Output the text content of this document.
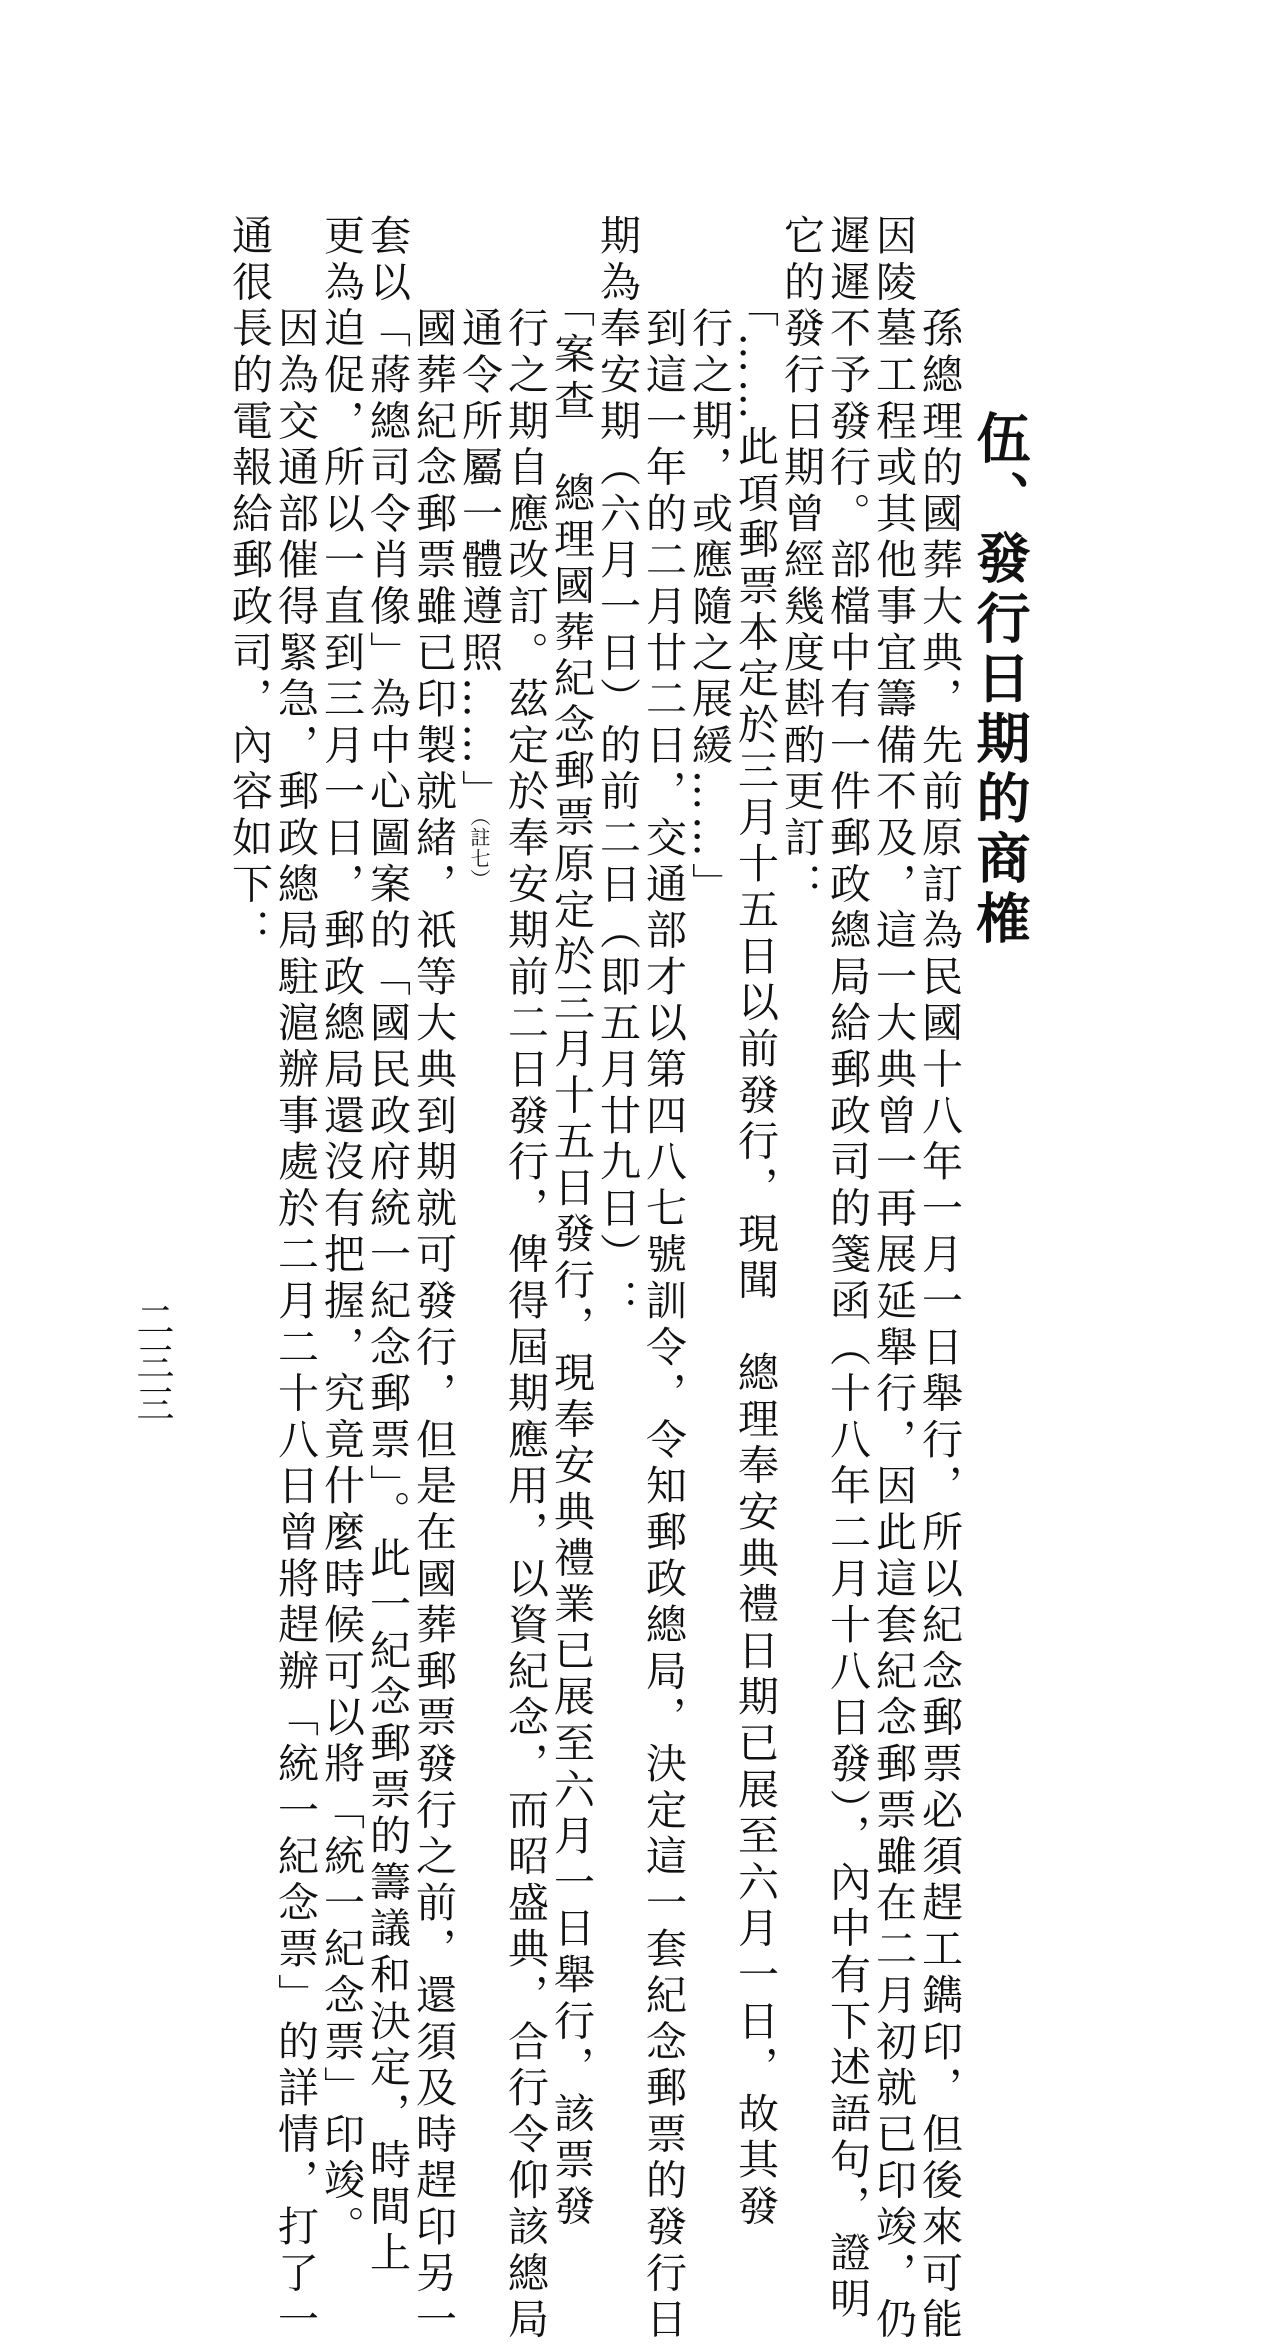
伍、發行日期的商榷
　　孫總理的國葬大典，先前原訂為民國十八年一月一日舉行，所以紀念郵票必須趕工鐫印，但後來可能
因陵墓工程或其他事宜籌備不及，這一大典曾一再展延舉行，因此這套紀念郵票雖在二月初就已印竣，仍
遲遲不予發行。部檔中有一件郵政總局給郵政司的箋函（十八年二月十八日發），內中有下述語句，證明
它的發行日期曾經幾度斟酌更訂：
　　「……此項郵票本定於三月十五日以前發行，現聞　總理奉安典禮日期已展至六月一日，故其發
　　行之期，或應隨之展緩……」
　　到這一年的二月廿二日，交通部才以第四八七號訓令，令知郵政總局，決定這一套紀念郵票的發行日
期為奉安期（六月一日）的前二日（即五月廿九日）：
　　「案查　總理國葬紀念郵票原定於三月十五日發行，現奉安典禮業已展至六月一日舉行，該票發
　　行之期自應改訂。茲定於奉安期前二日發行，俾得屆期應用，以資紀念，而昭盛典，合行令仰該總局
　　通令所屬一體遵照……」（註七）
　　國葬紀念郵票雖已印製就緒，祇等大典到期就可發行，但是在國葬郵票發行之前，還須及時趕印另一
套以「蔣總司令肖像」為中心圖案的「國民政府統一紀念郵票」。此一紀念郵票的籌議和決定，時間上
更為迫促，所以一直到三月一日，郵政總局還沒有把握，究竟什麼時候可以將「統一紀念票」印竣。
　　因為交通部催得緊急，郵政總局駐滬辦事處於二月二十八日曾將趕辦「統一紀念票」的詳情，打了一
通很長的電報給郵政司，內容如下：
二三三
